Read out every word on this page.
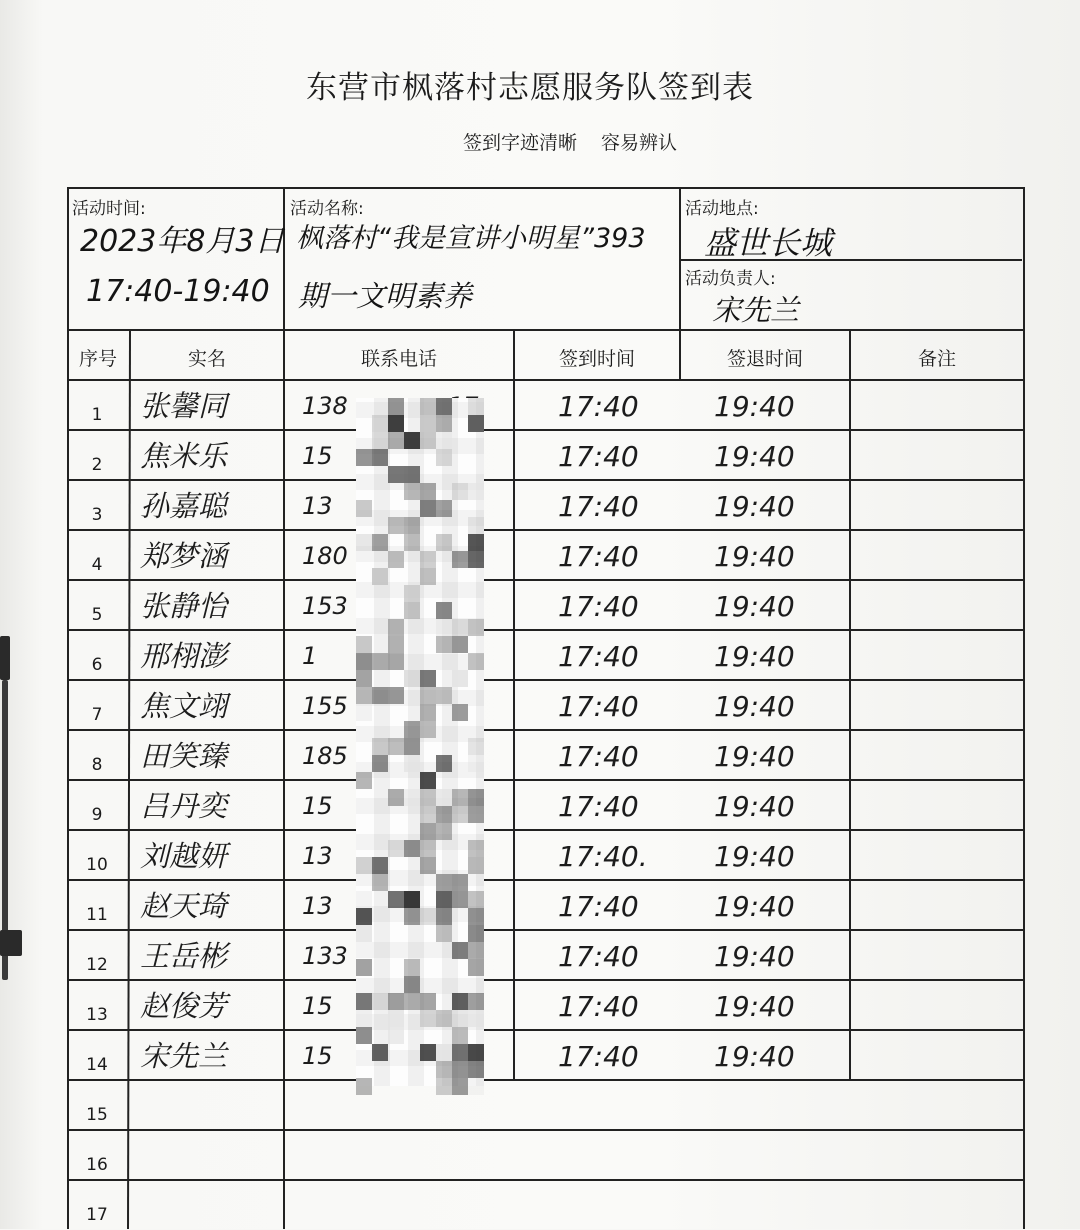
东营市枫落村志愿服务队签到表
签到字迹清晰 容易辨认
活动时间:
2023年8月3日
17:40-19:40
活动名称:
枫落村“我是宣讲小明星”393
期一文明素养
活动地点:
盛世长城
活动负责人:
宋先兰
序号	实名	联系电话	签到时间	签退时间	备注
1	张馨同	138	17:40	19:40
2	焦米乐	15	17:40	19:40
3	孙嘉聪	13	17:40	19:40
4	郑梦涵	180	17:40	19:40
5	张静怡	153	17:40	19:40
6	邢栩澎	1	17:40	19:40
7	焦文翊	155	17:40	19:40
8	田笑臻	185	17:40	19:40
9	吕丹奕	15	17:40	19:40
10	刘越妍	13	17:40. 19:40
11	赵天琦	13	17:40	19:40
12	王岳彬	133	17:40	19:40
13	赵俊芳	15	17:40	19:40
14	宋先兰	15	17:40	19:40
15
16
17
